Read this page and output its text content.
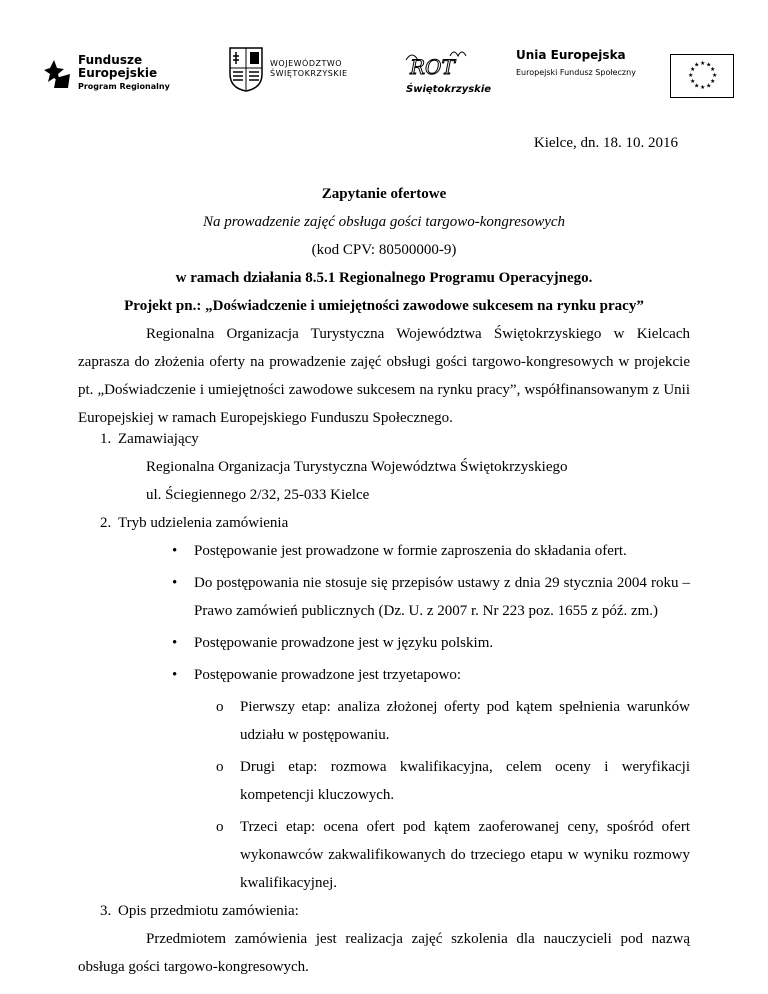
Fundusze
Europejskie
Program Regionalny
WOJEWÓDZTWO
ŚWIĘTOKRZYSKIE	ROT
Świętokrzyskie
Unia Europejska
Europejski Fundusz Społeczny
★ ★
★
★
★
★
★
★
★
★
★
★
Kielce, dn. 18. 10. 2016
Zapytanie ofertowe
Na prowadzenie zajęć obsługa gości targowo-kongresowych
(kod CPV: 80500000-9)
w ramach działania 8.5.1 Regionalnego Programu Operacyjnego.
Projekt pn.: „Doświadczenie i umiejętności zawodowe sukcesem na rynku pracy”
Regionalna Organizacja Turystyczna Województwa Świętokrzyskiego w Kielcach zaprasza do złożenia oferty na prowadzenie zajęć obsługi gości targowo-kongresowych w projekcie pt. „Doświadczenie i umiejętności zawodowe sukcesem na rynku pracy”, współfinansowanym z Unii Europejskiej w ramach Europejskiego Funduszu Społecznego.
1. Zamawiający
Regionalna Organizacja Turystyczna Województwa Świętokrzyskiego
ul. Ściegiennego 2/32, 25-033 Kielce
2. Tryb udzielenia zamówienia
• Postępowanie jest prowadzone w formie zaproszenia do składania ofert.
• Do postępowania nie stosuje się przepisów ustawy z dnia 29 stycznia 2004 roku – Prawo zamówień publicznych (Dz. U. z 2007 r. Nr 223 poz. 1655 z póź. zm.)
• Postępowanie prowadzone jest w języku polskim.
• Postępowanie prowadzone jest trzyetapowo:
o Pierwszy etap: analiza złożonej oferty pod kątem spełnienia warunków udziału w postępowaniu.
o Drugi etap: rozmowa kwalifikacyjna, celem oceny i weryfikacji kompetencji kluczowych.
o Trzeci etap: ocena ofert pod kątem zaoferowanej ceny, spośród ofert wykonawców zakwalifikowanych do trzeciego etapu w wyniku rozmowy kwalifikacyjnej.
3. Opis przedmiotu zamówienia:
Przedmiotem zamówienia jest realizacja zajęć szkolenia dla nauczycieli pod nazwą obsługa gości targowo-kongresowych.
